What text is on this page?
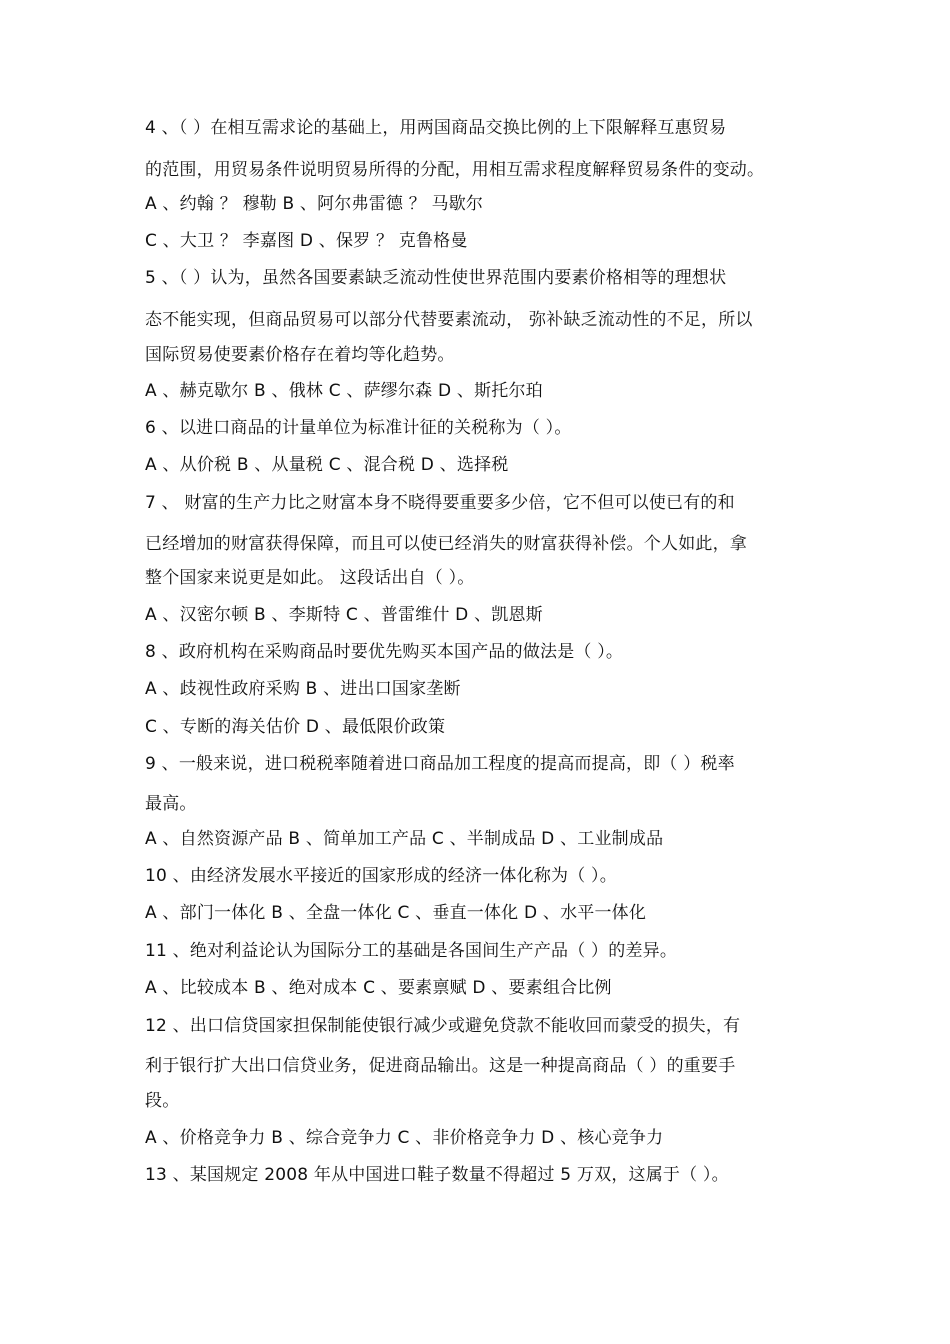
4 、（ ）在相互需求论的基础上，用两国商品交换比例的上下限解释互惠贸易
的范围，用贸易条件说明贸易所得的分配，用相互需求程度解释贸易条件的变动。
A 、约翰 ？ 穆勒 B 、阿尔弗雷德 ？ 马歇尔
C 、大卫 ？ 李嘉图 D 、保罗 ？ 克鲁格曼
5 、（ ）认为，虽然各国要素缺乏流动性使世界范围内要素价格相等的理想状
态不能实现，但商品贸易可以部分代替要素流动， 弥补缺乏流动性的不足，所以
国际贸易使要素价格存在着均等化趋势。
A 、赫克歇尔 B 、俄林 C 、萨缪尔森 D 、斯托尔珀
6 、以进口商品的计量单位为标准计征的关税称为（ ）。
A 、从价税 B 、从量税 C 、混合税 D 、选择税
7 、 财富的生产力比之财富本身不晓得要重要多少倍，它不但可以使已有的和
已经增加的财富获得保障，而且可以使已经消失的财富获得补偿。个人如此，拿
整个国家来说更是如此。 这段话出自（ ）。
A 、汉密尔顿 B 、李斯特 C 、普雷维什 D 、凯恩斯
8 、政府机构在采购商品时要优先购买本国产品的做法是（ ）。
A 、歧视性政府采购 B 、进出口国家垄断
C 、专断的海关估价 D 、最低限价政策
9 、一般来说，进口税税率随着进口商品加工程度的提高而提高，即（ ）税率
最高。
A 、自然资源产品 B 、简单加工产品 C 、半制成品 D 、工业制成品
10 、由经济发展水平接近的国家形成的经济一体化称为（ ）。
A 、部门一体化 B 、全盘一体化 C 、垂直一体化 D 、水平一体化
11 、绝对利益论认为国际分工的基础是各国间生产产品（ ）的差异。
A 、比较成本 B 、绝对成本 C 、要素禀赋 D 、要素组合比例
12 、出口信贷国家担保制能使银行减少或避免贷款不能收回而蒙受的损失，有
利于银行扩大出口信贷业务，促进商品输出。这是一种提高商品（ ）的重要手
段。
A 、价格竞争力 B 、综合竞争力 C 、非价格竞争力 D 、核心竞争力
13 、某国规定 2008 年从中国进口鞋子数量不得超过 5 万双，这属于（ ）。
